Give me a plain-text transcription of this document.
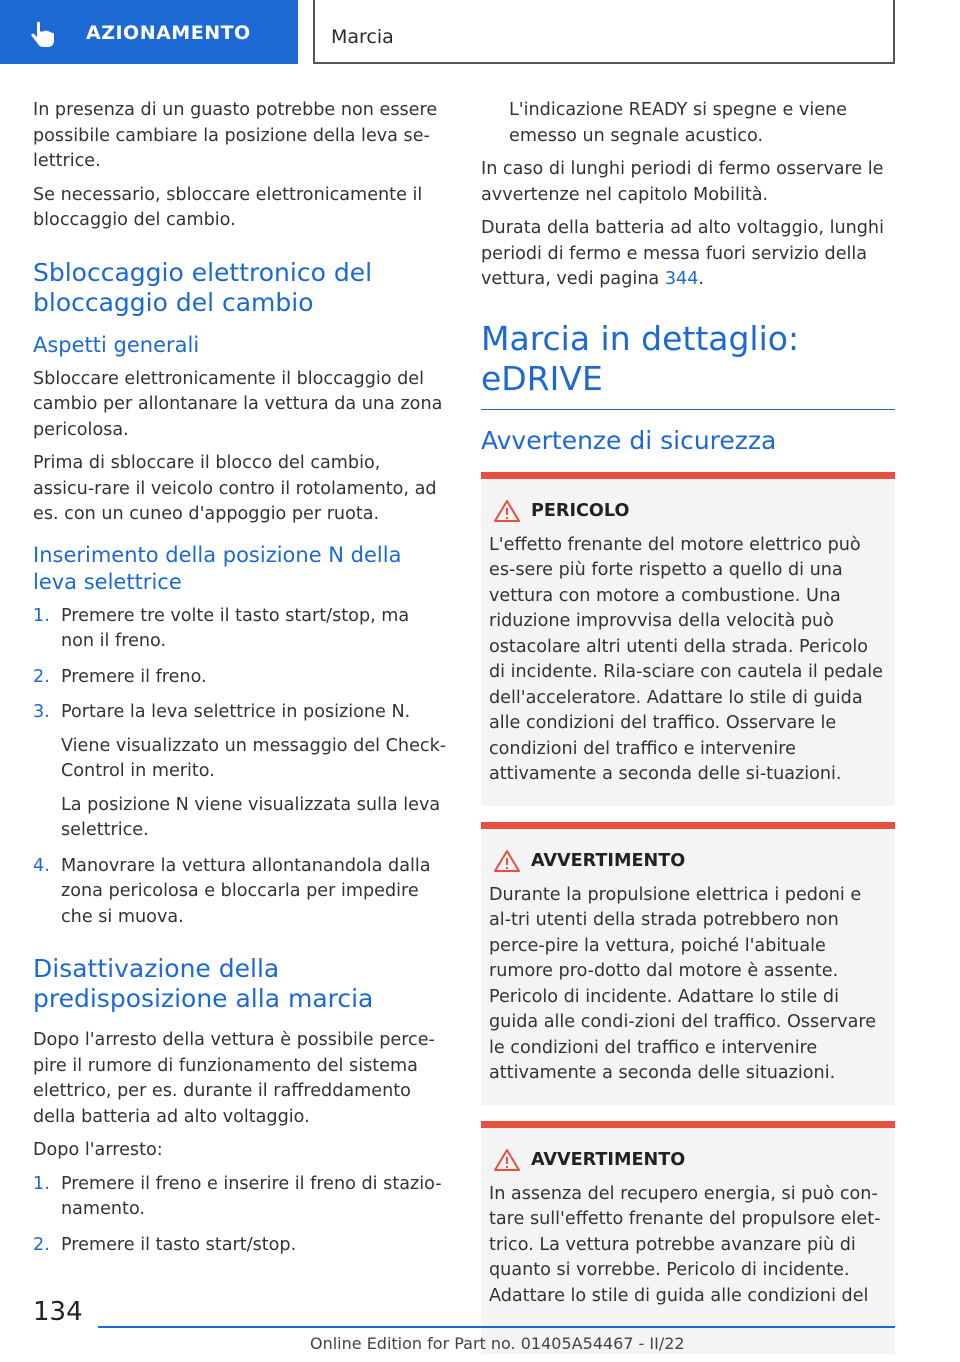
AZIONAMENTO	Marcia

In presenza di un guasto potrebbe non essere possibile cambiare la posizione della leva se-lettrice.

Se necessario, sbloccare elettronicamente il bloccaggio del cambio.

Sbloccaggio elettronico del bloccaggio del cambio
Aspetti generali

Sbloccare elettronicamente il bloccaggio del cambio per allontanare la vettura da una zona pericolosa.

Prima di sbloccare il blocco del cambio, assicu-rare il veicolo contro il rotolamento, ad es. con un cuneo d'appoggio per ruota.

Inserimento della posizione N della leva selettrice
1. Premere tre volte il tasto start/stop, ma non il freno.
2. Premere il freno.
3. Portare la leva selettrice in posizione N.
Viene visualizzato un messaggio del Check-Control in merito.
La posizione N viene visualizzata sulla leva selettrice.
4. Manovrare la vettura allontanandola dalla zona pericolosa e bloccarla per impedire che si muova.
Disattivazione della predisposizione alla marcia

Dopo l'arresto della vettura è possibile perce-pire il rumore di funzionamento del sistema elettrico, per es. durante il raffreddamento della batteria ad alto voltaggio.

Dopo l'arresto:

1. Premere il freno e inserire il freno di stazio-namento.
2. Premere il tasto start/stop.

L'indicazione READY si spegne e viene emesso un segnale acustico.

In caso di lunghi periodi di fermo osservare le avvertenze nel capitolo Mobilità.

Durata della batteria ad alto voltaggio, lunghi periodi di fermo e messa fuori servizio della vettura, vedi pagina 344.

Marcia in dettaglio: eDRIVE
Avvertenze di sicurezza
PERICOLO
L'effetto frenante del motore elettrico può es-sere più forte rispetto a quello di una vettura con motore a combustione. Una riduzione improvvisa della velocità può ostacolare altri utenti della strada. Pericolo di incidente. Rila-sciare con cautela il pedale dell'acceleratore. Adattare lo stile di guida alle condizioni del traffico. Osservare le condizioni del traffico e intervenire attivamente a seconda delle si-tuazioni.
AVVERTIMENTO
Durante la propulsione elettrica i pedoni e al-tri utenti della strada potrebbero non perce-pire la vettura, poiché l'abituale rumore pro-dotto dal motore è assente. Pericolo di incidente. Adattare lo stile di guida alle condi-zioni del traffico. Osservare le condizioni del traffico e intervenire attivamente a seconda delle situazioni.
AVVERTIMENTO
In assenza del recupero energia, si può con-tare sull'effetto frenante del propulsore elet-trico. La vettura potrebbe avanzare più di quanto si vorrebbe. Pericolo di incidente. Adattare lo stile di guida alle condizioni del
134
Online Edition for Part no. 01405A54467 - II/22
